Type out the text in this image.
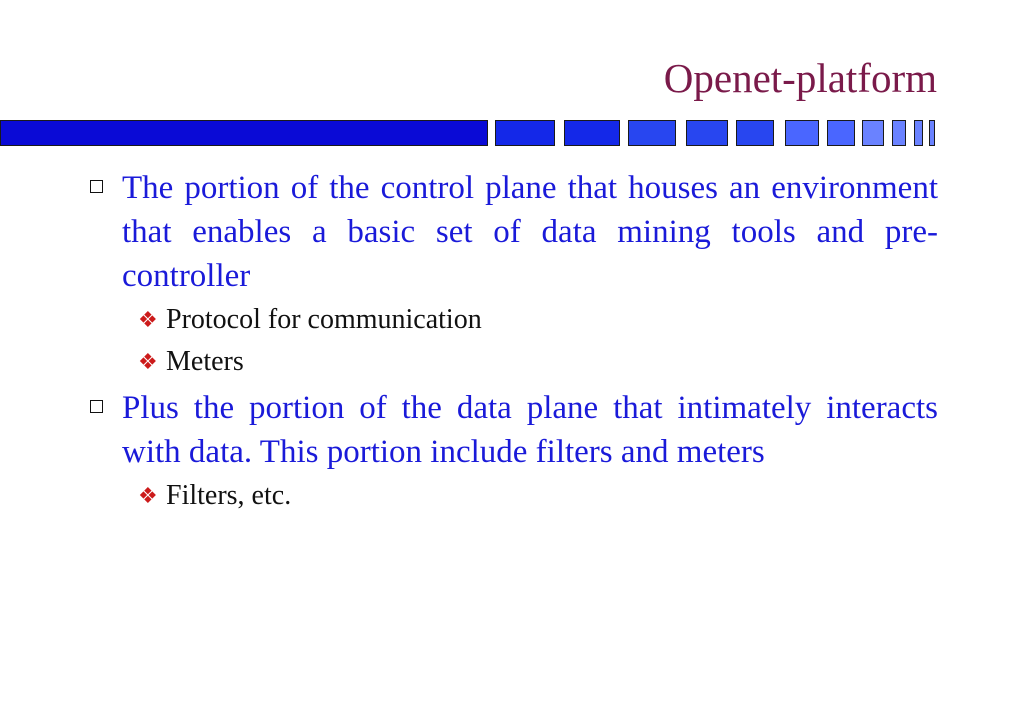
Openet-platform
The portion of the control plane that houses an environment that enables a basic set of data mining tools and pre-controller
❖ Protocol for communication
❖ Meters
Plus the portion of the data plane that intimately interacts with data. This portion include filters and meters
❖ Filters, etc.
